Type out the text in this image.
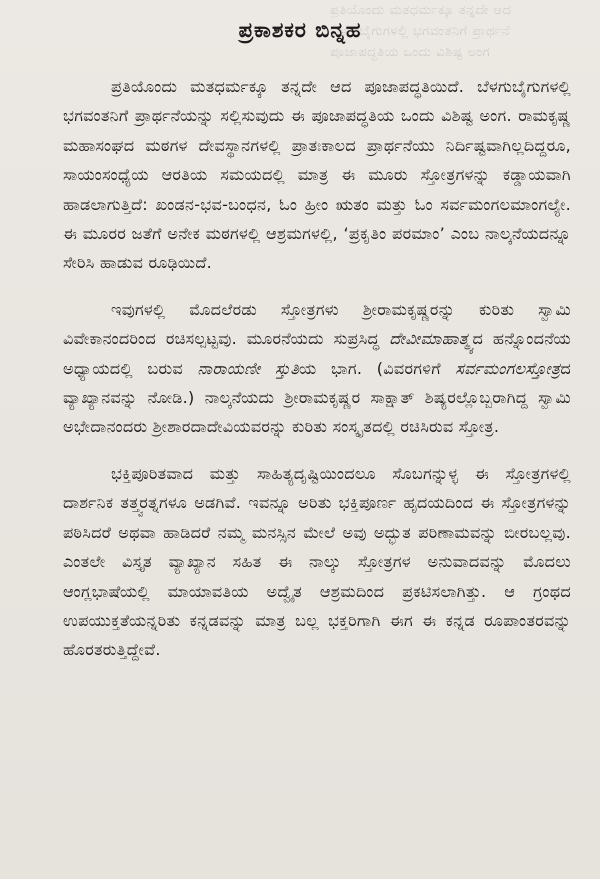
ಪ್ರತಿಯೊಂದು ಮತಧರ್ಮಕ್ಕೂ ತನ್ನದೇ ಆದ
ಬೆಳಗುಬೈಗುಗಳಲ್ಲಿ ಭಗವಂತನಿಗೆ ಪ್ರಾರ್ಥನೆ
ಪೂಜಾಪದ್ಧತಿಯ ಒಂದು ವಿಶಿಷ್ಟ ಅಂಗ
ಪ್ರಕಾಶಕರ ಬಿನ್ನಹ

ಪ್ರತಿಯೊಂದು ಮತಧರ್ಮಕ್ಕೂ ತನ್ನದೇ ಆದ ಪೂಜಾಪದ್ಧತಿಯಿದೆ. ಬೆಳಗುಬೈಗುಗಳಲ್ಲಿ ಭಗವಂತನಿಗೆ ಪ್ರಾರ್ಥನೆಯನ್ನು ಸಲ್ಲಿಸುವುದು ಈ ಪೂಜಾಪದ್ಧತಿಯ ಒಂದು ವಿಶಿಷ್ಟ ಅಂಗ. ರಾಮಕೃಷ್ಣ ಮಹಾಸಂಘದ ಮಠಗಳ ದೇವಸ್ಥಾನಗಳಲ್ಲಿ ಪ್ರಾತಃಕಾಲದ ಪ್ರಾರ್ಥನೆಯು ನಿರ್ದಿಷ್ಟವಾಗಿಲ್ಲದಿದ್ದರೂ, ಸಾಯಂಸಂಧ್ಯೆಯ ಆರತಿಯ ಸಮಯದಲ್ಲಿ ಮಾತ್ರ ಈ ಮೂರು ಸ್ತೋತ್ರಗಳನ್ನು ಕಡ್ಡಾಯವಾಗಿ ಹಾಡಲಾಗುತ್ತಿದೆ: ಖಂಡನ-ಭವ-ಬಂಧನ, ಓಂ ಹ್ರೀಂ ಋತಂ ಮತ್ತು ಓಂ ಸರ್ವಮಂಗಲಮಾಂಗಲ್ಯೇ. ಈ ಮೂರರ ಜತೆಗೆ ಅನೇಕ ಮಠಗಳಲ್ಲಿ ಆಶ್ರಮಗಳಲ್ಲಿ, ‘ಪ್ರಕೃತಿಂ ಪರಮಾಂ’ ಎಂಬ ನಾಲ್ಕನೆಯದನ್ನೂ ಸೇರಿಸಿ ಹಾಡುವ ರೂಢಿಯಿದೆ.

ಇವುಗಳಲ್ಲಿ ಮೊದಲೆರಡು ಸ್ತೋತ್ರಗಳು ಶ್ರೀರಾಮಕೃಷ್ಣರನ್ನು ಕುರಿತು ಸ್ವಾಮಿ ವಿವೇಕಾನಂದರಿಂದ ರಚಿಸಲ್ಪಟ್ಟವು. ಮೂರನೆಯದು ಸುಪ್ರಸಿದ್ಧ ದೇವೀಮಾಹಾತ್ಮ್ಯದ ಹನ್ನೊಂದನೆಯ ಅಧ್ಯಾಯದಲ್ಲಿ ಬರುವ ನಾರಾಯಣೀ ಸ್ತುತಿಯ ಭಾಗ. (ವಿವರಗಳಿಗೆ ಸರ್ವಮಂಗಲಸ್ತೋತ್ರದ ವ್ಯಾಖ್ಯಾನವನ್ನು ನೋಡಿ.) ನಾಲ್ಕನೆಯದು ಶ್ರೀರಾಮಕೃಷ್ಣರ ಸಾಕ್ಷಾತ್ ಶಿಷ್ಯರಲ್ಲೊಬ್ಬರಾಗಿದ್ದ ಸ್ವಾಮಿ ಅಭೇದಾನಂದರು ಶ್ರೀಶಾರದಾದೇವಿಯವರನ್ನು ಕುರಿತು ಸಂಸ್ಕೃತದಲ್ಲಿ ರಚಿಸಿರುವ ಸ್ತೋತ್ರ.

ಭಕ್ತಿಪೂರಿತವಾದ ಮತ್ತು ಸಾಹಿತ್ಯದೃಷ್ಟಿಯಿಂದಲೂ ಸೊಬಗನ್ನುಳ್ಳ ಈ ಸ್ತೋತ್ರಗಳಲ್ಲಿ ದಾರ್ಶನಿಕ ತತ್ತ್ವರತ್ನಗಳೂ ಅಡಗಿವೆ. ಇವನ್ನೂ ಅರಿತು ಭಕ್ತಿಪೂರ್ಣ ಹೃದಯದಿಂದ ಈ ಸ್ತೋತ್ರಗಳನ್ನು ಪಠಿಸಿದರೆ ಅಥವಾ ಹಾಡಿದರೆ ನಮ್ಮ ಮನಸ್ಸಿನ ಮೇಲೆ ಅವು ಅದ್ಭುತ ಪರಿಣಾಮವನ್ನು ಬೀರಬಲ್ಲವು. ಎಂತಲೇ ವಿಸ್ತೃತ ವ್ಯಾಖ್ಯಾನ ಸಹಿತ ಈ ನಾಲ್ಕು ಸ್ತೋತ್ರಗಳ ಅನುವಾದವನ್ನು ಮೊದಲು ಆಂಗ್ಲಭಾಷೆಯಲ್ಲಿ ಮಾಯಾವತಿಯ ಅದ್ವೈತ ಆಶ್ರಮದಿಂದ ಪ್ರಕಟಿಸಲಾಗಿತ್ತು. ಆ ಗ್ರಂಥದ ಉಪಯುಕ್ತತೆಯನ್ನರಿತು ಕನ್ನಡವನ್ನು ಮಾತ್ರ ಬಲ್ಲ ಭಕ್ತರಿಗಾಗಿ ಈಗ ಈ ಕನ್ನಡ ರೂಪಾಂತರವನ್ನು ಹೊರತರುತ್ತಿದ್ದೇವೆ.
